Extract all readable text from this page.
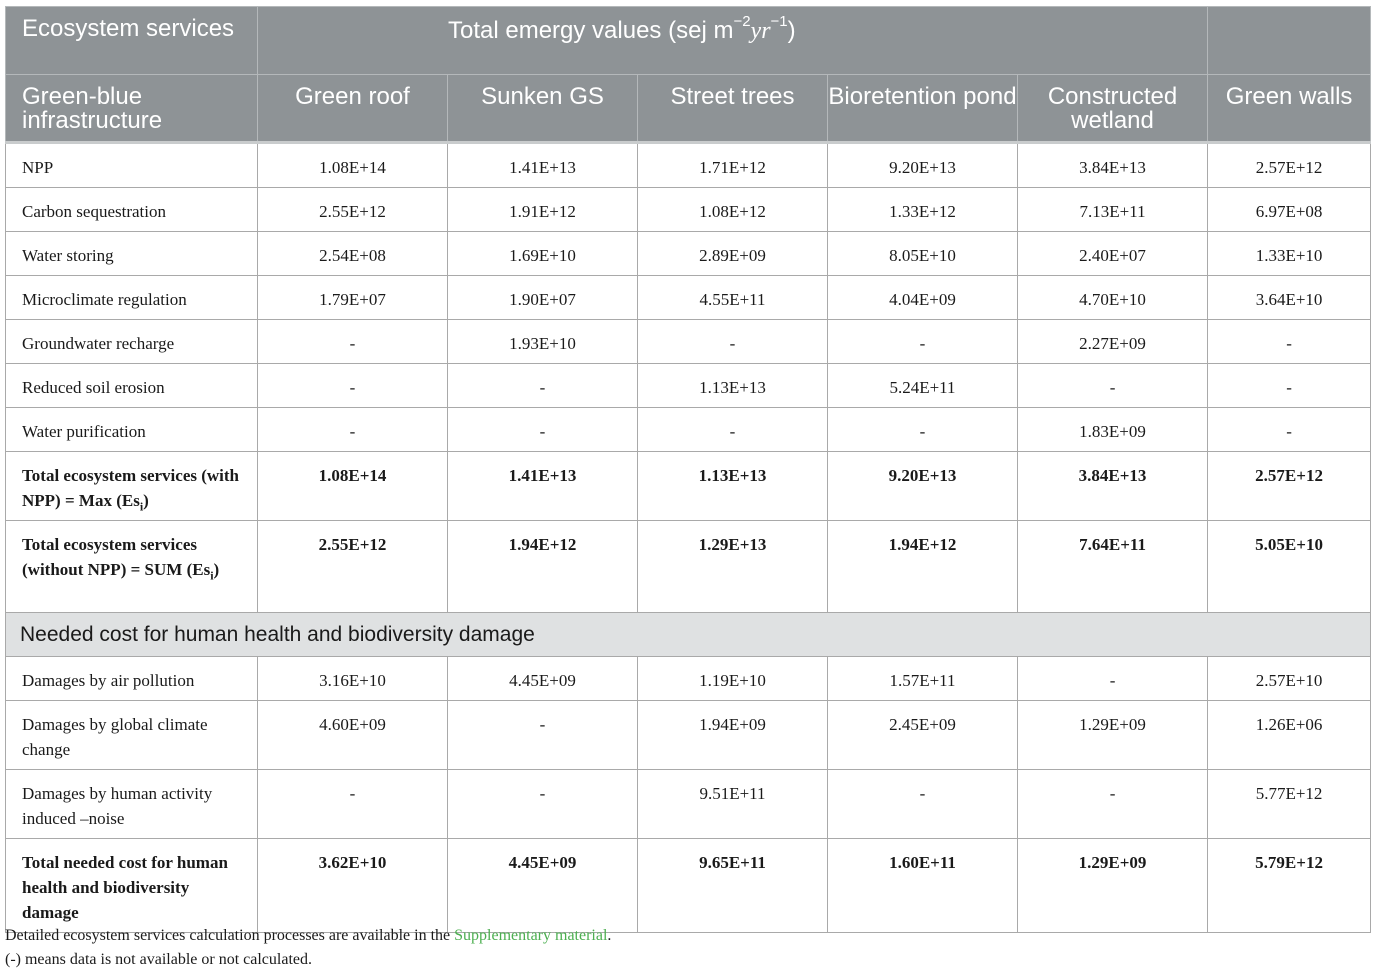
Ecosystem services	Total emergy values (sej $m^{-2}yr^{-1}$)					
Green-blue infrastructure	Green roof	Sunken GS	Street trees	Bioretention pond	Constructed wetland	Green walls
NPP	1.08E+14	1.41E+13	1.71E+12	9.20E+13	3.84E+13	2.57E+12
Carbon sequestration	2.55E+12	1.91E+12	1.08E+12	1.33E+12	7.13E+11	6.97E+08
Water storing	2.54E+08	1.69E+10	2.89E+09	8.05E+10	2.40E+07	1.33E+10
Microclimate regulation	1.79E+07	1.90E+07	4.55E+11	4.04E+09	4.70E+10	3.64E+10
Groundwater recharge	-	1.93E+10	-	-	2.27E+09	-
Reduced soil erosion	-	-	1.13E+13	5.24E+11	-	-
Water purification	-	-	-	-	1.83E+09	-
Total ecosystem services (with NPP) = Max $(Es_i)$	1.08E+14	1.41E+13	1.13E+13	9.20E+13	3.84E+13	2.57E+12
Total ecosystem services (without NPP) = SUM $(Es_i)$	2.55E+12	1.94E+12	1.29E+13	1.94E+12	7.64E+11	5.05E+10
Needed cost for human health and biodiversity damage						
Damages by air pollution	3.16E+10	4.45E+09	1.19E+10	1.57E+11	-	2.57E+10
Damages by global climate change	4.60E+09	-	1.94E+09	2.45E+09	1.29E+09	1.26E+06
Damages by human activity induced –noise	-	-	9.51E+11	-	-	5.77E+12
Total needed cost for human health and biodiversity damage	3.62E+10	4.45E+09	9.65E+11	1.60E+11	1.29E+09	5.79E+12
Detailed ecosystem services calculation processes are available in the Supplementary material.
(-) means data is not available or not calculated.
